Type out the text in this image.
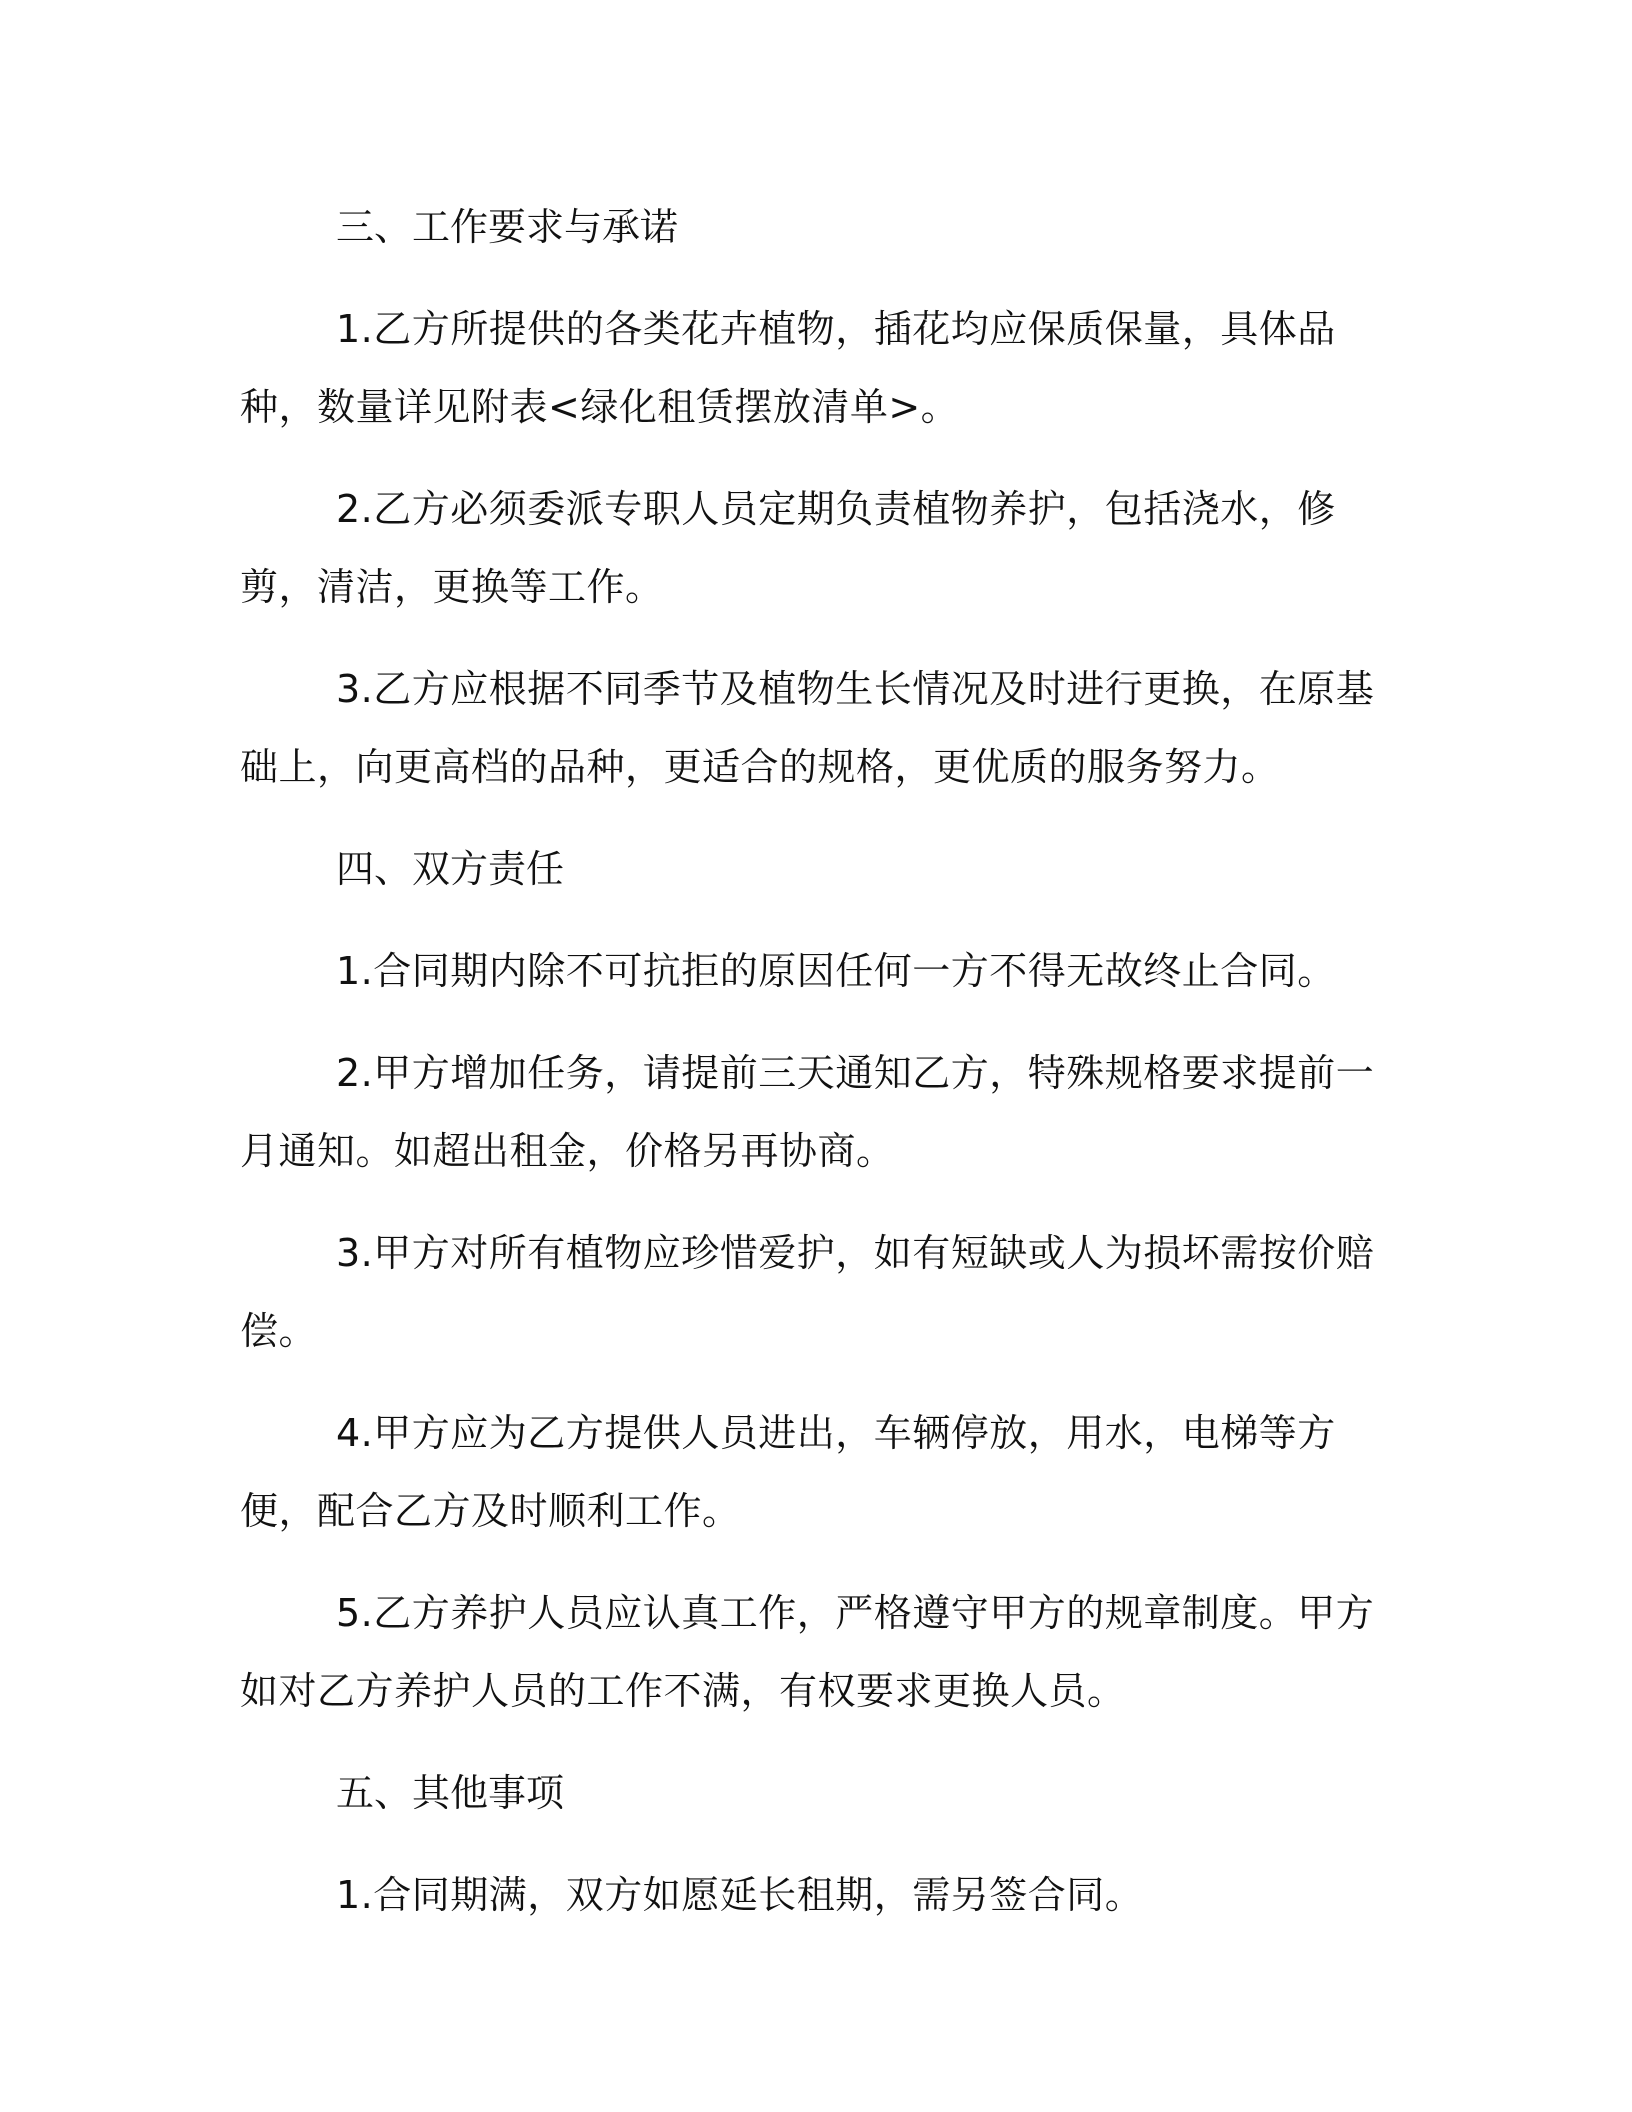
三、工作要求与承诺

1.乙方所提供的各类花卉植物，插花均应保质保量，具体品种，数量详见附表<绿化租赁摆放清单>。

2.乙方必须委派专职人员定期负责植物养护，包括浇水，修剪，清洁，更换等工作。

3.乙方应根据不同季节及植物生长情况及时进行更换，在原基础上，向更高档的品种，更适合的规格，更优质的服务努力。

四、双方责任

1.合同期内除不可抗拒的原因任何一方不得无故终止合同。

2.甲方增加任务，请提前三天通知乙方，特殊规格要求提前一月通知。如超出租金，价格另再协商。

3.甲方对所有植物应珍惜爱护，如有短缺或人为损坏需按价赔偿。

4.甲方应为乙方提供人员进出，车辆停放，用水，电梯等方便，配合乙方及时顺利工作。

5.乙方养护人员应认真工作，严格遵守甲方的规章制度。甲方如对乙方养护人员的工作不满，有权要求更换人员。

五、其他事项

1.合同期满，双方如愿延长租期，需另签合同。
